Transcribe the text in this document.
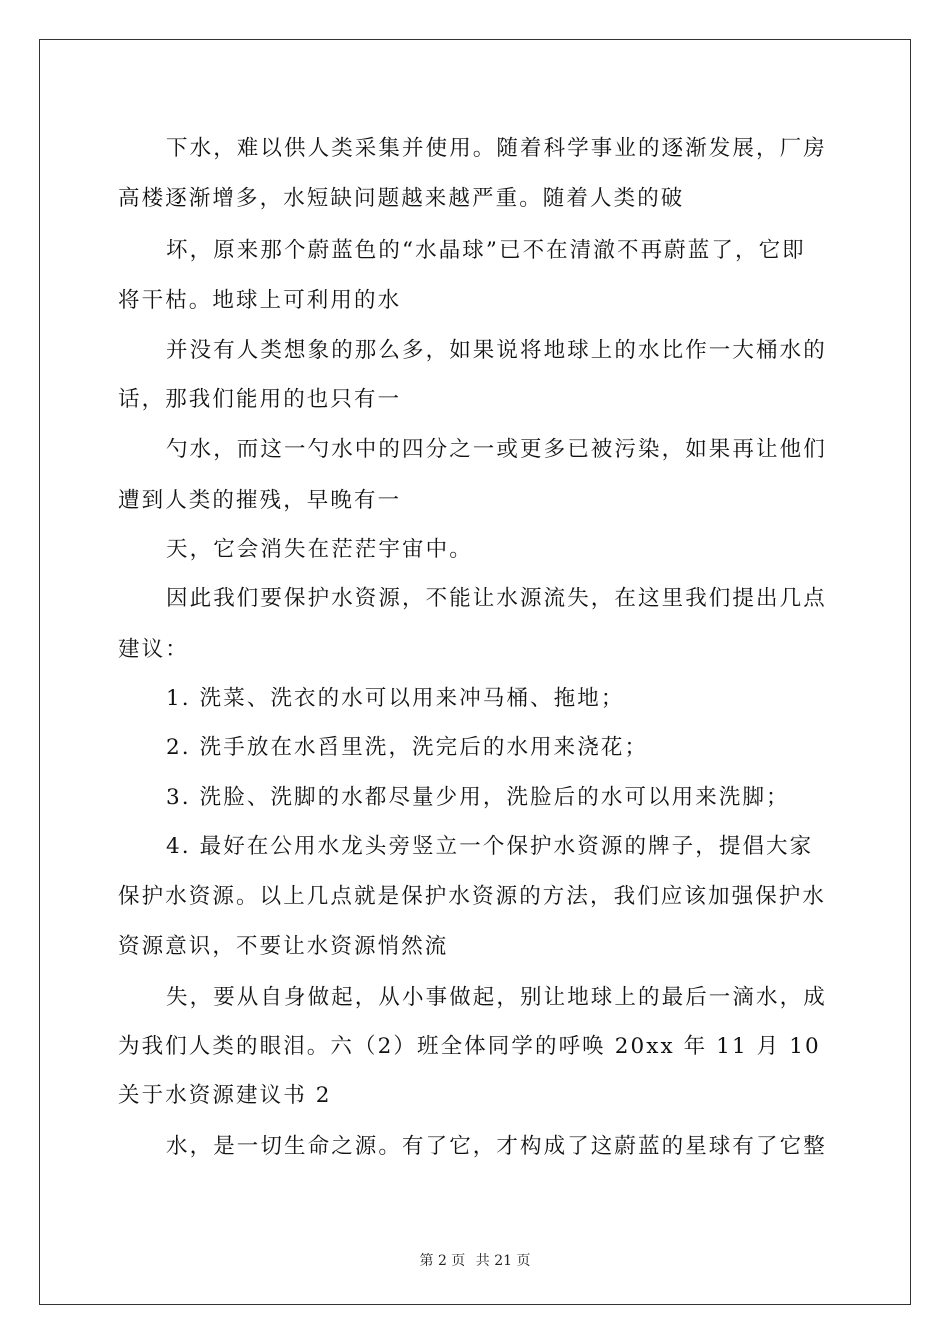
下水，难以供人类采集并使用。随着科学事业的逐渐发展，厂房
高楼逐渐增多，水短缺问题越来越严重。随着人类的破
坏，原来那个蔚蓝色的“水晶球”已不在清澈不再蔚蓝了，它即
将干枯。地球上可利用的水
并没有人类想象的那么多，如果说将地球上的水比作一大桶水的
话，那我们能用的也只有一
勺水，而这一勺水中的四分之一或更多已被污染，如果再让他们
遭到人类的摧残，早晚有一
天，它会消失在茫茫宇宙中。
因此我们要保护水资源，不能让水源流失，在这里我们提出几点
建议：
1. 洗菜、洗衣的水可以用来冲马桶、拖地；
2. 洗手放在水舀里洗，洗完后的水用来浇花；
3. 洗脸、洗脚的水都尽量少用，洗脸后的水可以用来洗脚；
4. 最好在公用水龙头旁竖立一个保护水资源的牌子，提倡大家
保护水资源。以上几点就是保护水资源的方法，我们应该加强保护水
资源意识，不要让水资源悄然流
失，要从自身做起，从小事做起，别让地球上的最后一滴水，成
为我们人类的眼泪。六（2）班全体同学的呼唤 20xx 年 11 月 10
关于水资源建议书 2
水，是一切生命之源。有了它，才构成了这蔚蓝的星球有了它整
第 2 页 共 21 页
